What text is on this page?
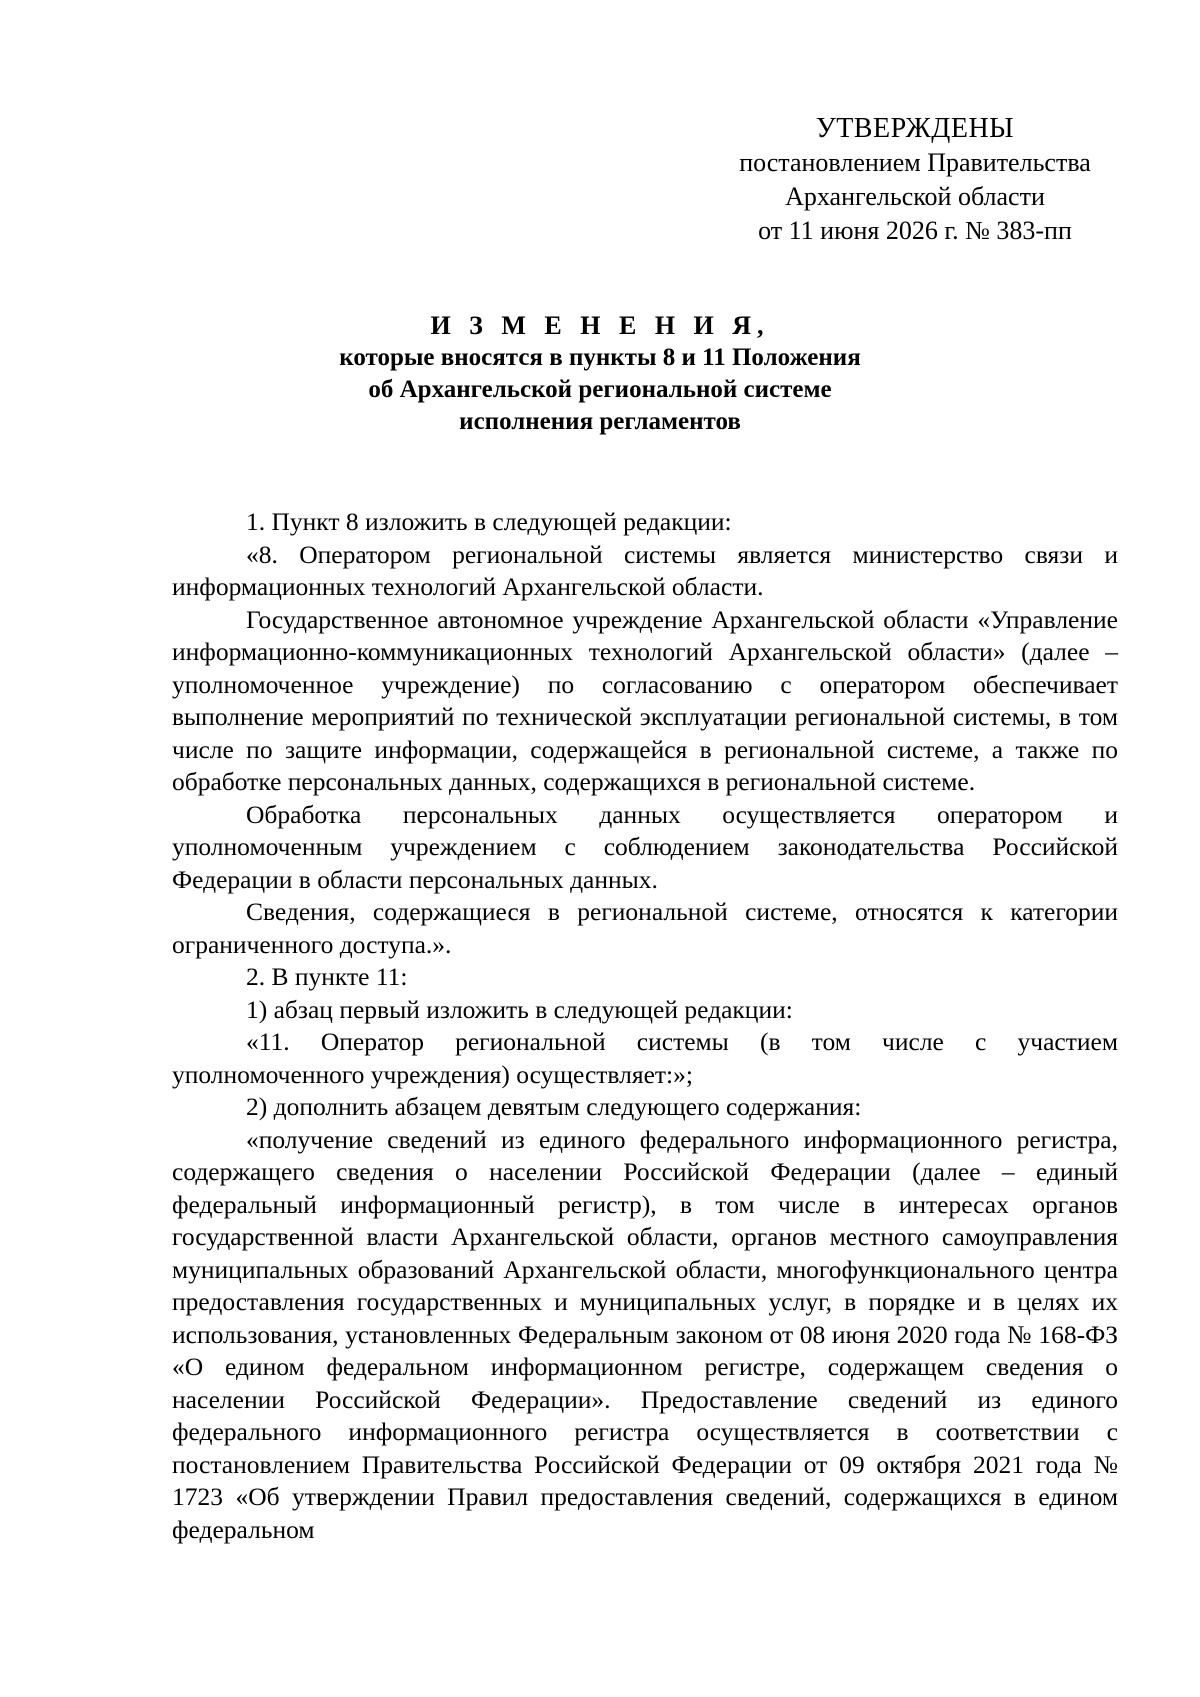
УТВЕРЖДЕНЫ
постановлением Правительства
Архангельской области
от 11 июня 2026 г. № 383-пп
И З М Е Н Е Н И Я,
которые вносятся в пункты 8 и 11 Положения
об Архангельской региональной системе
исполнения регламентов

1. Пункт 8 изложить в следующей редакции:

«8. Оператором региональной системы является министерство связи и информационных технологий Архангельской области.

Государственное автономное учреждение Архангельской области «Управление информационно-коммуникационных технологий Архангельской области» (далее – уполномоченное учреждение) по согласованию с оператором обеспечивает выполнение мероприятий по технической эксплуатации региональной системы, в том числе по защите информации, содержащейся в региональной системе, а также по обработке персональных данных, содержащихся в региональной системе.

Обработка персональных данных осуществляется оператором и уполномоченным учреждением с соблюдением законодательства Российской Федерации в области персональных данных.

Сведения, содержащиеся в региональной системе, относятся к категории ограниченного доступа.».

2. В пункте 11:

1) абзац первый изложить в следующей редакции:

«11. Оператор региональной системы (в том числе с участием уполномоченного учреждения) осуществляет:»;

2) дополнить абзацем девятым следующего содержания:

«получение сведений из единого федерального информационного регистра, содержащего сведения о населении Российской Федерации (далее – единый федеральный информационный регистр), в том числе в интересах органов государственной власти Архангельской области, органов местного самоуправления муниципальных образований Архангельской области, многофункционального центра предоставления государственных и муниципальных услуг, в порядке и в целях их использования, установленных Федеральным законом от 08 июня 2020 года № 168-ФЗ «О едином федеральном информационном регистре, содержащем сведения о населении Российской Федерации». Предоставление сведений из единого федерального информационного регистра осуществляется в соответствии с постановлением Правительства Российской Федерации от 09 октября 2021 года № 1723 «Об утверждении Правил предоставления сведений, содержащихся в едином федеральном
